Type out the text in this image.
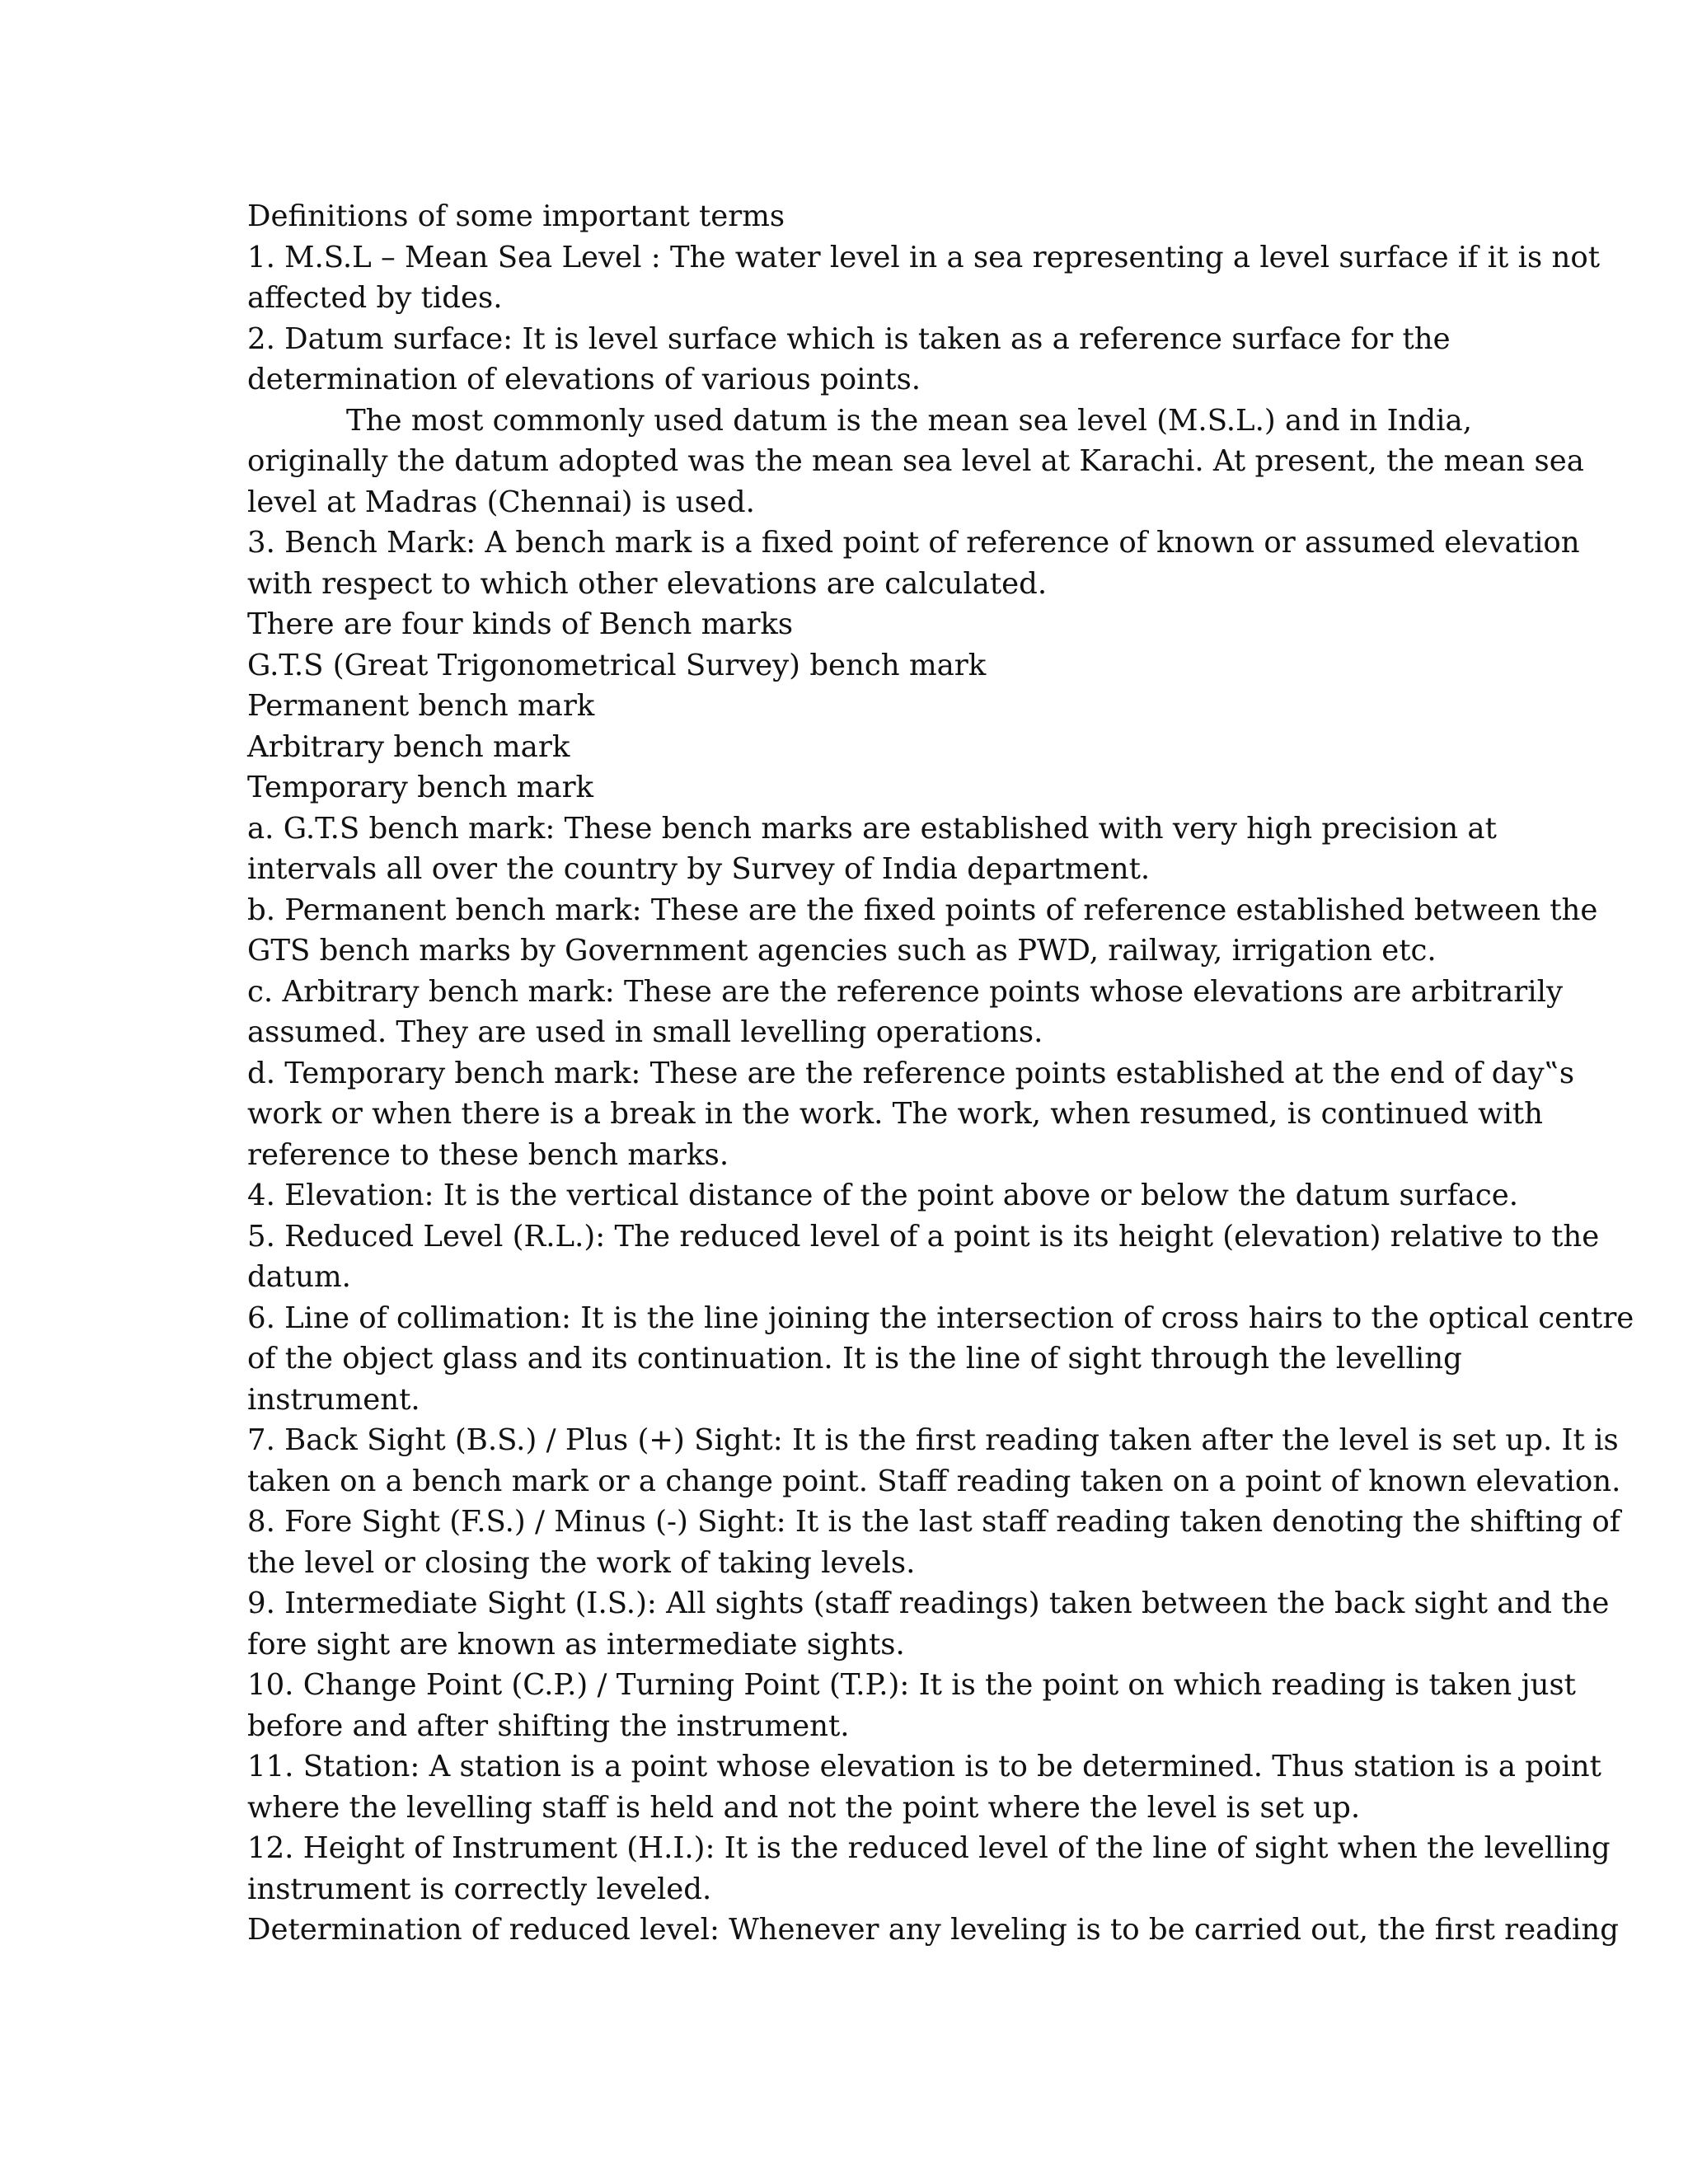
Definitions of some important terms
1. M.S.L – Mean Sea Level : The water level in a sea representing a level surface if it is not
affected by tides.
2. Datum surface: It is level surface which is taken as a reference surface for the
determination of elevations of various points.
The most commonly used datum is the mean sea level (M.S.L.) and in India,
originally the datum adopted was the mean sea level at Karachi. At present, the mean sea
level at Madras (Chennai) is used.
3. Bench Mark: A bench mark is a fixed point of reference of known or assumed elevation
with respect to which other elevations are calculated.
There are four kinds of Bench marks
G.T.S (Great Trigonometrical Survey) bench mark
Permanent bench mark
Arbitrary bench mark
Temporary bench mark
a. G.T.S bench mark: These bench marks are established with very high precision at
intervals all over the country by Survey of India department.
b. Permanent bench mark: These are the fixed points of reference established between the
GTS bench marks by Government agencies such as PWD, railway, irrigation etc.
c. Arbitrary bench mark: These are the reference points whose elevations are arbitrarily
assumed. They are used in small levelling operations.
d. Temporary bench mark: These are the reference points established at the end of day‟s
work or when there is a break in the work. The work, when resumed, is continued with
reference to these bench marks.
4. Elevation: It is the vertical distance of the point above or below the datum surface.
5. Reduced Level (R.L.): The reduced level of a point is its height (elevation) relative to the
datum.
6. Line of collimation: It is the line joining the intersection of cross hairs to the optical centre
of the object glass and its continuation. It is the line of sight through the levelling
instrument.
7. Back Sight (B.S.) / Plus (+) Sight: It is the first reading taken after the level is set up. It is
taken on a bench mark or a change point. Staff reading taken on a point of known elevation.
8. Fore Sight (F.S.) / Minus (-) Sight: It is the last staff reading taken denoting the shifting of
the level or closing the work of taking levels.
9. Intermediate Sight (I.S.): All sights (staff readings) taken between the back sight and the
fore sight are known as intermediate sights.
10. Change Point (C.P.) / Turning Point (T.P.): It is the point on which reading is taken just
before and after shifting the instrument.
11. Station: A station is a point whose elevation is to be determined. Thus station is a point
where the levelling staff is held and not the point where the level is set up.
12. Height of Instrument (H.I.): It is the reduced level of the line of sight when the levelling
instrument is correctly leveled.
Determination of reduced level: Whenever any leveling is to be carried out, the first reading
